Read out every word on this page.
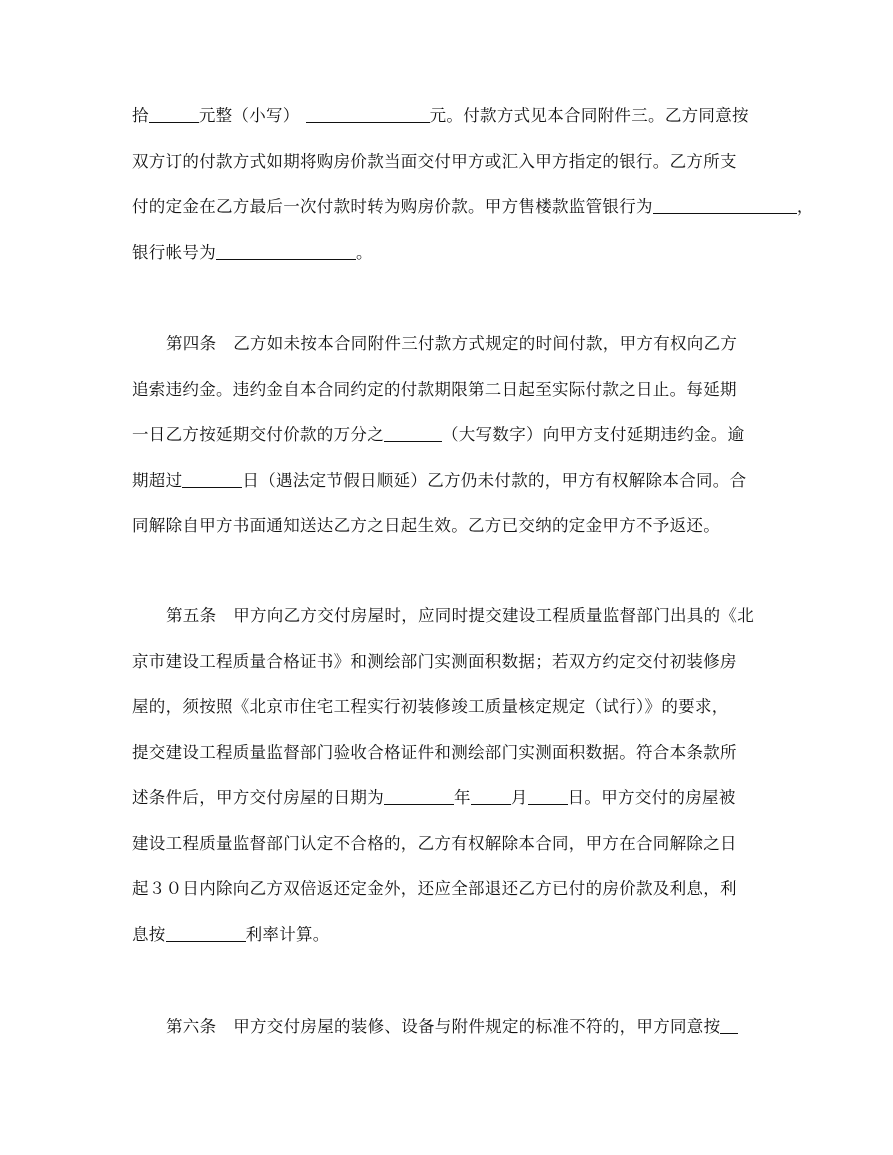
拾	元整（小写）	元。付款方式见本合同附件三。乙方同意按
双方订的付款方式如期将购房价款当面交付甲方或汇入甲方指定的银行。乙方所支
付的定金在乙方最后一次付款时转为购房价款。甲方售楼款监管银行为	，
银行帐号为	。
第四条　乙方如未按本合同附件三付款方式规定的时间付款，甲方有权向乙方
追索违约金。违约金自本合同约定的付款期限第二日起至实际付款之日止。每延期
一日乙方按延期交付价款的万分之	（大写数字）向甲方支付延期违约金。逾
期超过	日（遇法定节假日顺延）乙方仍未付款的，甲方有权解除本合同。合
同解除自甲方书面通知送达乙方之日起生效。乙方已交纳的定金甲方不予返还。
第五条　甲方向乙方交付房屋时，应同时提交建设工程质量监督部门出具的《北
京市建设工程质量合格证书》和测绘部门实测面积数据；若双方约定交付初装修房
屋的，须按照《北京市住宅工程实行初装修竣工质量核定规定（试行）》的要求，
提交建设工程质量监督部门验收合格证件和测绘部门实测面积数据。符合本条款所
述条件后，甲方交付房屋的日期为	年 月 日。甲方交付的房屋被
建设工程质量监督部门认定不合格的，乙方有权解除本合同，甲方在合同解除之日
起３０日内除向乙方双倍返还定金外，还应全部退还乙方已付的房价款及利息，利
息按	利率计算。
第六条　甲方交付房屋的装修、设备与附件规定的标准不符的，甲方同意按
